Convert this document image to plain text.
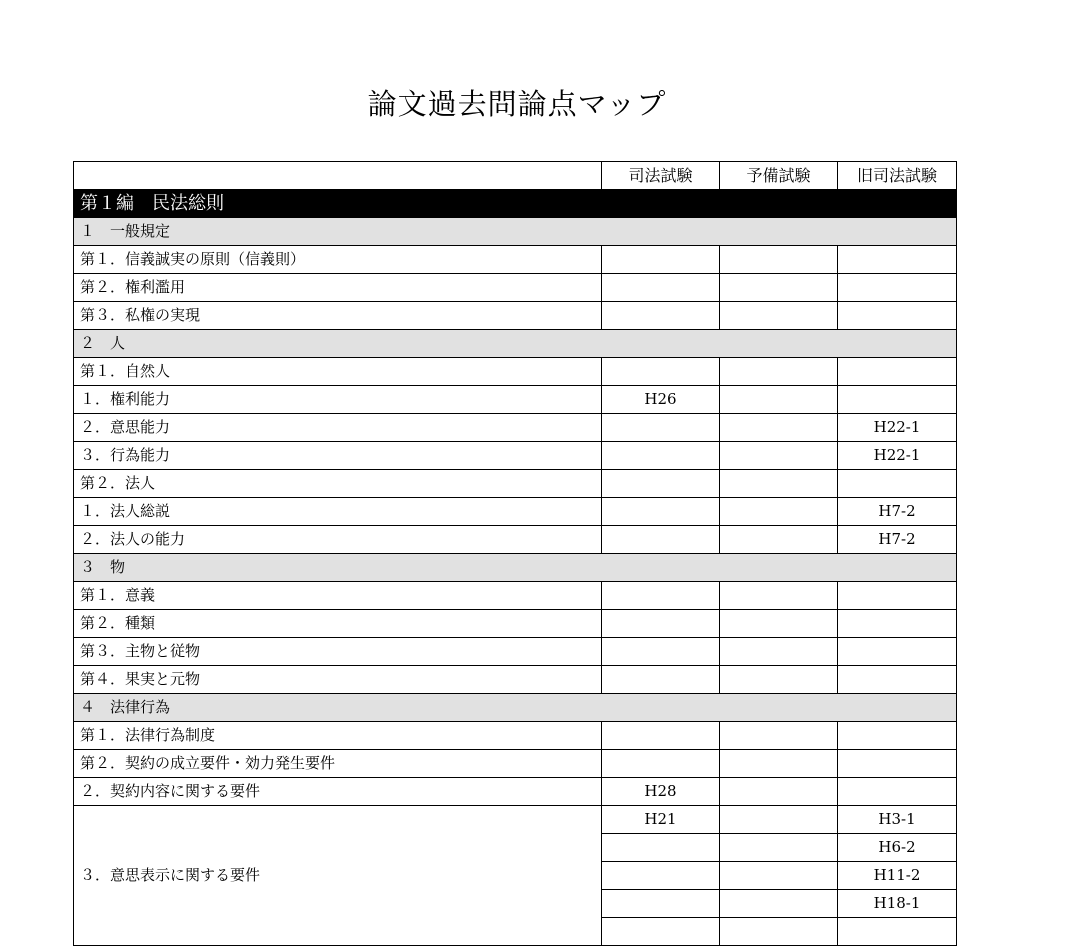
論文過去問論点マップ
	司法試験	予備試験	旧司法試験
第１編　民法総則			
１　一般規定			
第１．信義誠実の原則（信義則）			
第２．権利濫用			
第３．私権の実現			
２　人			
第１．自然人			
１．権利能力	H26		
２．意思能力			H22-1
３．行為能力			H22-1
第２．法人			
１．法人総説			H7-2
２．法人の能力			H7-2
３　物			
第１．意義			
第２．種類			
第３．主物と従物			
第４．果実と元物			
４　法律行為			
第１．法律行為制度			
第２．契約の成立要件・効力発生要件			
２．契約内容に関する要件	H28		
３．意思表示に関する要件	H21		H3-1
			H6-2
			H11-2
			H18-1
